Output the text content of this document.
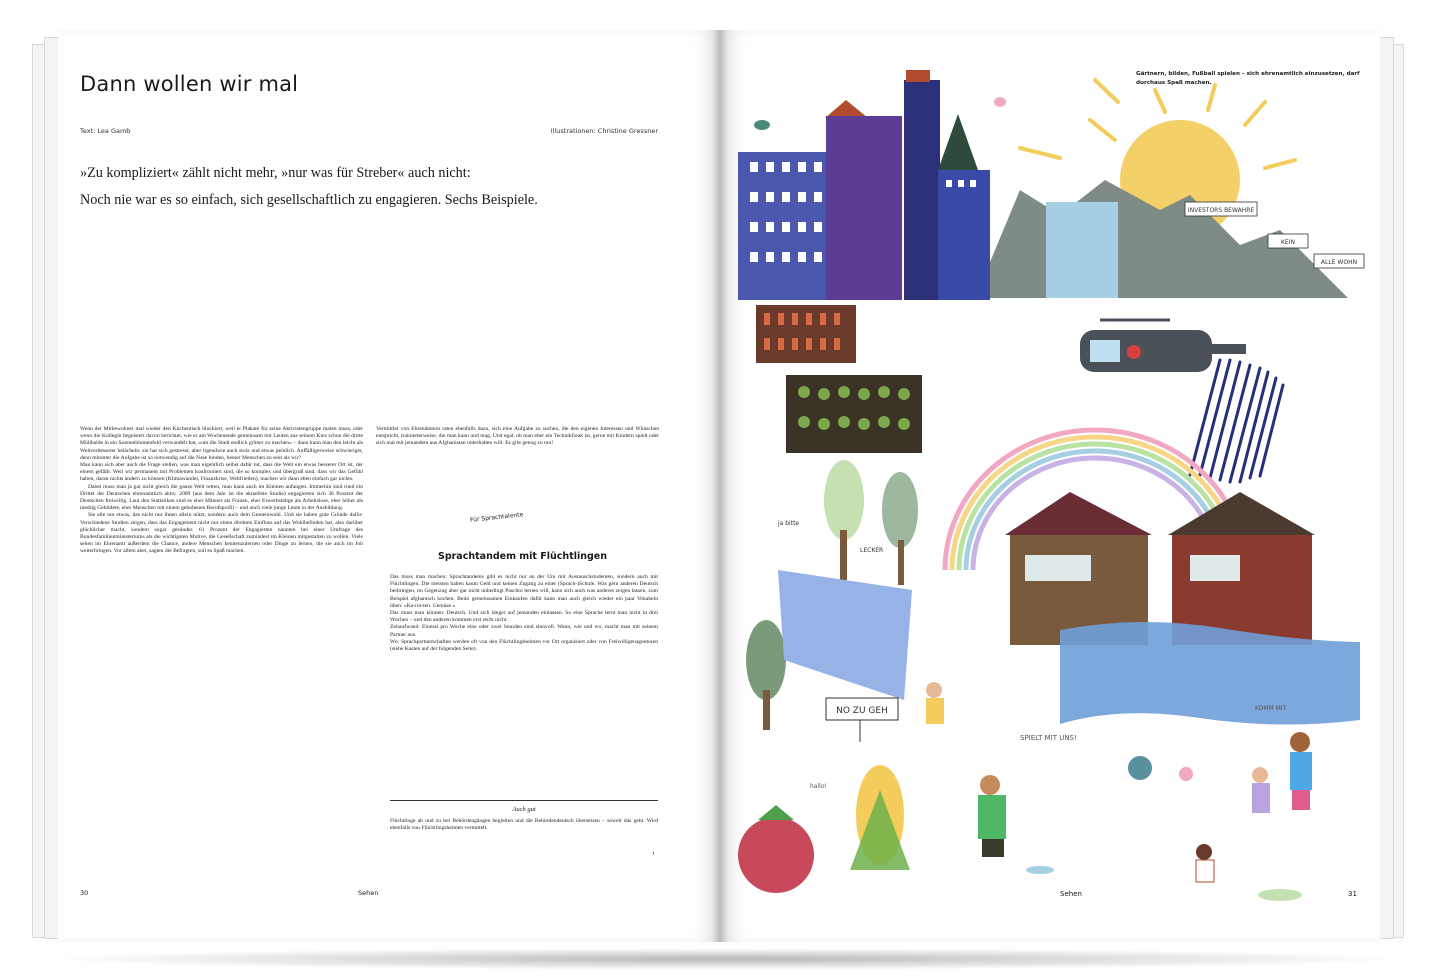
Dann wollen wir mal
Text: Lea Gamb	Illustrationen: Christine Gressner
»Zu kompliziert« zählt nicht mehr, »nur was für Streber« auch nicht:
Noch nie war es so einfach, sich gesellschaftlich zu engagieren. Sechs Beispiele.

Wenn der Mitbewohner mal wieder den Küchentisch blockiert, weil er Plakate für seine Aktivistengruppe malen muss, oder wenn die Kollegin begeistert davon berichtet, wie er am Wochenende gemeinsam mit Leuten aus seinem Kiez schon die dritte Müllhalde in ein Sonnenblumenfeld verwandelt hat, »um die Stadt endlich grüner zu machen« – dann kann man den leicht als Weltverbesserer belächeln: sie hat sich gestresst, aber irgendwie auch stolz und etwas peinlich. Auffälligerweise schwieriger, denn mitunter die Aufgabe ist so notwendig auf die Nase binden, besser Menschen zu sein als wir?

Man kann sich aber auch die Frage stellen, was man eigentlich selbst dafür tut, dass die Welt ein etwas besserer Ort ist, der einem gefällt. Weil wir permanent mit Problemen konfrontiert sind, die so komplex und übergroß sind, dass wir das Gefühl haben, daran nichts ändern zu können (Klimawandel, Finanzkrise, Weltfrieden), machen wir dann eben einfach gar nichts.

Dabei muss man ja gar nicht gleich die ganze Welt retten, man kann auch im Kleinen anfangen. Immerhin sind rund ein Drittel der Deutschen ehrenamtlich aktiv. 2009 (aus dem Jahr ist die aktuellste Studie) engagierten sich 36 Prozent der Deutschen freiwillig. Laut den Statistiken sind es eher Männer als Frauen, eher Erwerbstätige als Arbeitslose, eher höher als niedrig Gebildete, eher Menschen mit einem gehobenen Berufsprofil – und auch viele junge Leute in der Ausbildung.

Sie alle tun etwas, das nicht nur ihnen allein nützt, sondern auch dem Gemeinwohl. Und sie haben gute Gründe dafür: Verschiedene Studien zeigen, dass das Engagement nicht nur einen direkten Einfluss auf das Wohlbefinden hat, also darüber glücklicher macht, sondern sogar gesünder. 61 Prozent der Engagierten nannten bei einer Umfrage des Bundesfamilienministeriums als die wichtigsten Motive, die Gesellschaft zumindest im Kleinen mitgestalten zu wollen. Viele sehen im Ehrenamt außerdem die Chance, andere Menschen kennenzulernen oder Dinge zu lernen, die sie auch im Job weiterbringen. Vor allem aber, sagten die Befragten, soll es Spaß machen.

Vermittler von Ehrenämtern raten ebenfalls dazu, sich eine Aufgabe zu suchen, die den eigenen Interessen und Wünschen entspricht, trainierterweise, die man kann und mag. Und egal, ob man eher ein Technikfreak ist, gerne mit Kindern spielt oder sich mal mit jemandem aus Afghanistan unterhalten will: Es gibt genug zu tun!

Für Sprachtalente
Sprachtandem mit Flüchtlingen

Das muss man machen: Sprachtandems gibt es nicht nur an der Uni mit Austauschstudenten, sondern auch mit Flüchtlingen. Die meisten haben kaum Geld und keinen Zugang zu einer (Sprach-)Schule. Was gern anderen Deutsch beibringen, im Gegenzug aber gar nicht unbedingt Paschto lernen will, kann sich auch was anderes zeigen lassen, zum Beispiel afghanisch kochen. Beim gemeinsamen Einkaufen dafür kann man auch gleich wieder ein paar Vokabeln üben: »Ka-rot-ten. Gemüse.«

Das muss man können: Deutsch. Und sich länger auf jemanden einlassen. So eine Sprache lernt man nicht in drei Wochen – und den anderen kommen erst recht nicht.

Zeitaufwand: Einmal pro Woche eine oder zwei Stunden sind sinnvoll. Wann, wie und wo, macht man mit seinem Partner aus.

Wo: Sprachpartnerschaften werden oft von den Flüchtlingsheimen vor Ort organisiert oder von Freiwilligenagenturen (siehe Kasten auf der folgenden Seite).

Auch gut

Flüchtlinge ab und zu bei Behördengängen begleiten und die Behördendeutsch übersetzen – soweit das geht. Wird ebenfalls von Flüchtlingsheimen vermittelt.

›
30	Sehen
Gärtnern, bilden, Fußball spielen – sich ehrenamtlich einzusetzen, darf durchaus Spaß machen.
NO ZU GEH
INVESTORS BEWAHRE
KEIN
ALLE WOHN
LECKER
ja bitte
SPIELT MIT UNS!
KOMM MIT
hallo!
Sehen	31
